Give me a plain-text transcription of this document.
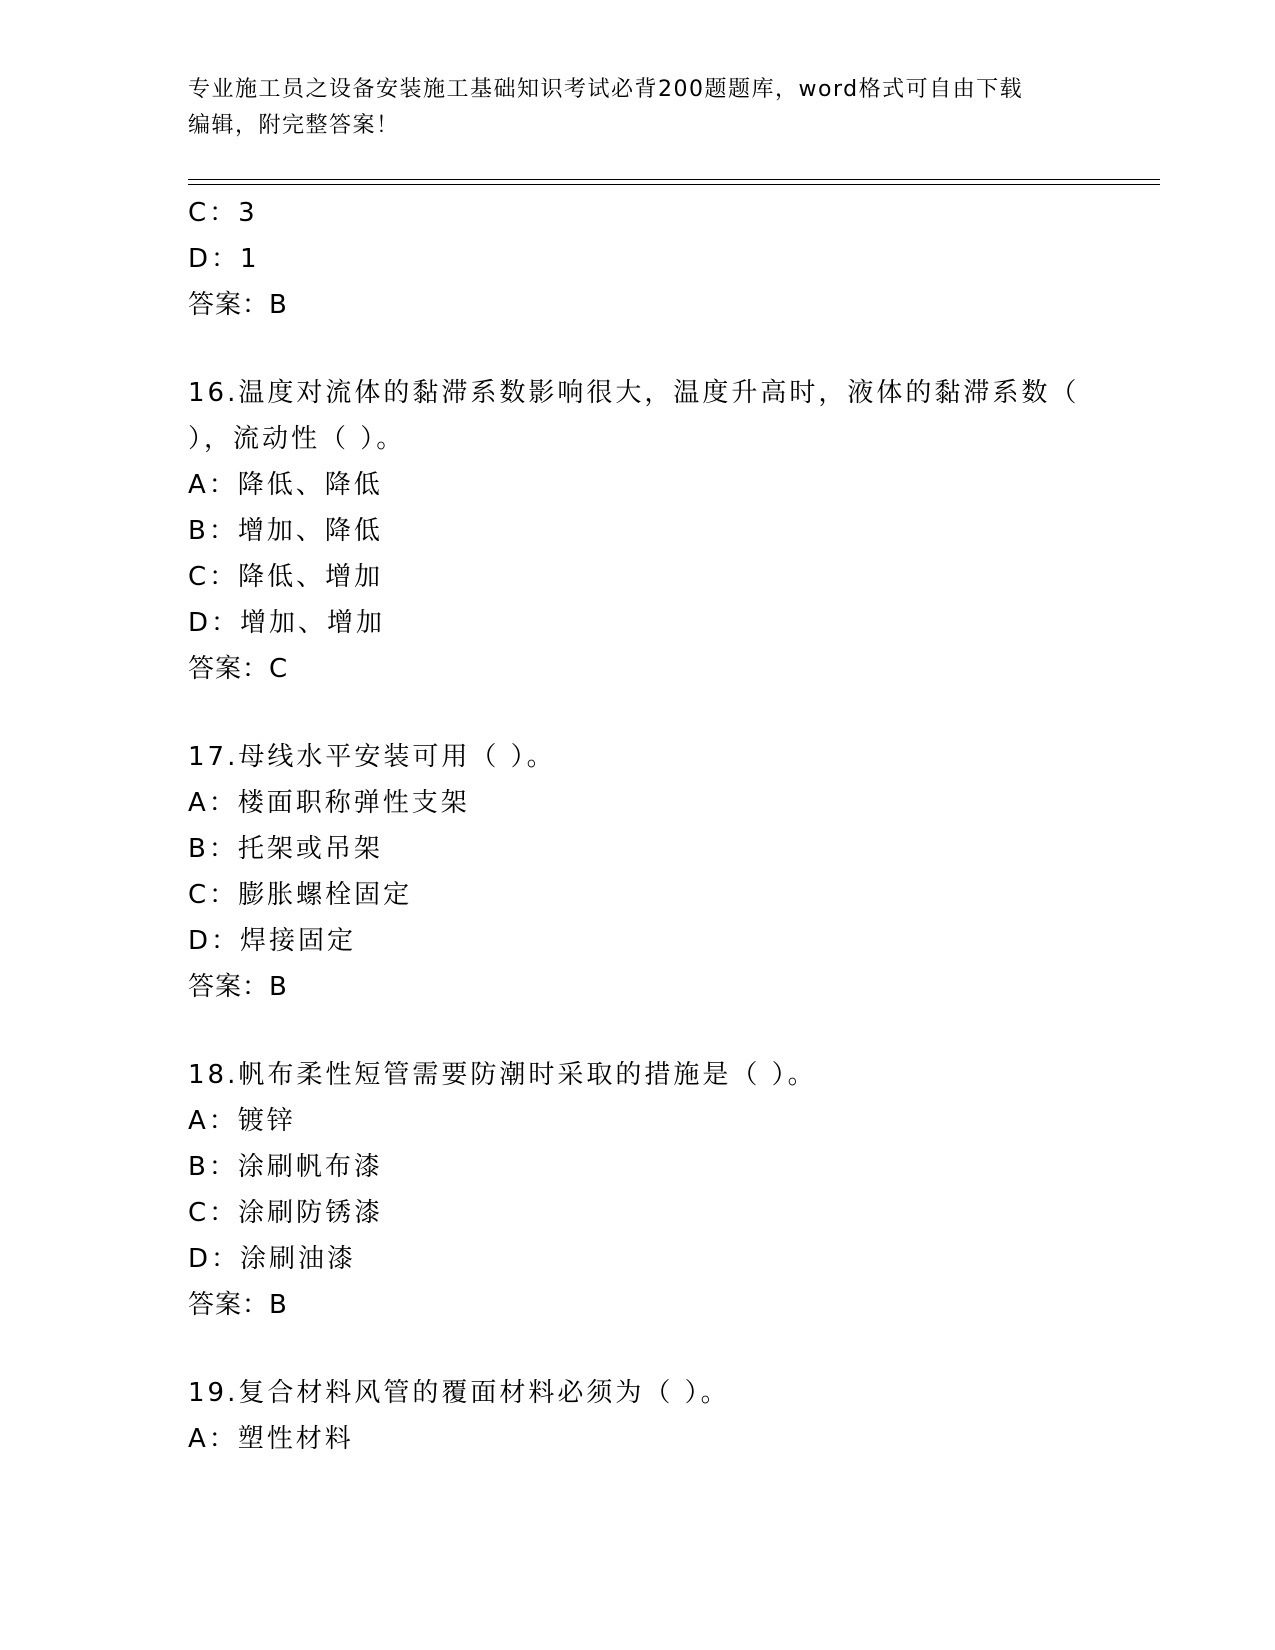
专业施工员之设备安装施工基础知识考试必背200题题库，word格式可自由下载
编辑，附完整答案！
C：3
D：1
答案：B
16.温度对流体的黏滞系数影响很大，温度升高时，液体的黏滞系数（
），流动性（ ）。
A：降低、降低
B：增加、降低
C：降低、增加
D：增加、增加
答案：C
17.母线水平安装可用（ ）。
A：楼面职称弹性支架
B：托架或吊架
C：膨胀螺栓固定
D：焊接固定
答案：B
18.帆布柔性短管需要防潮时采取的措施是（ ）。
A：镀锌
B：涂刷帆布漆
C：涂刷防锈漆
D：涂刷油漆
答案：B
19.复合材料风管的覆面材料必须为（ ）。
A：塑性材料
